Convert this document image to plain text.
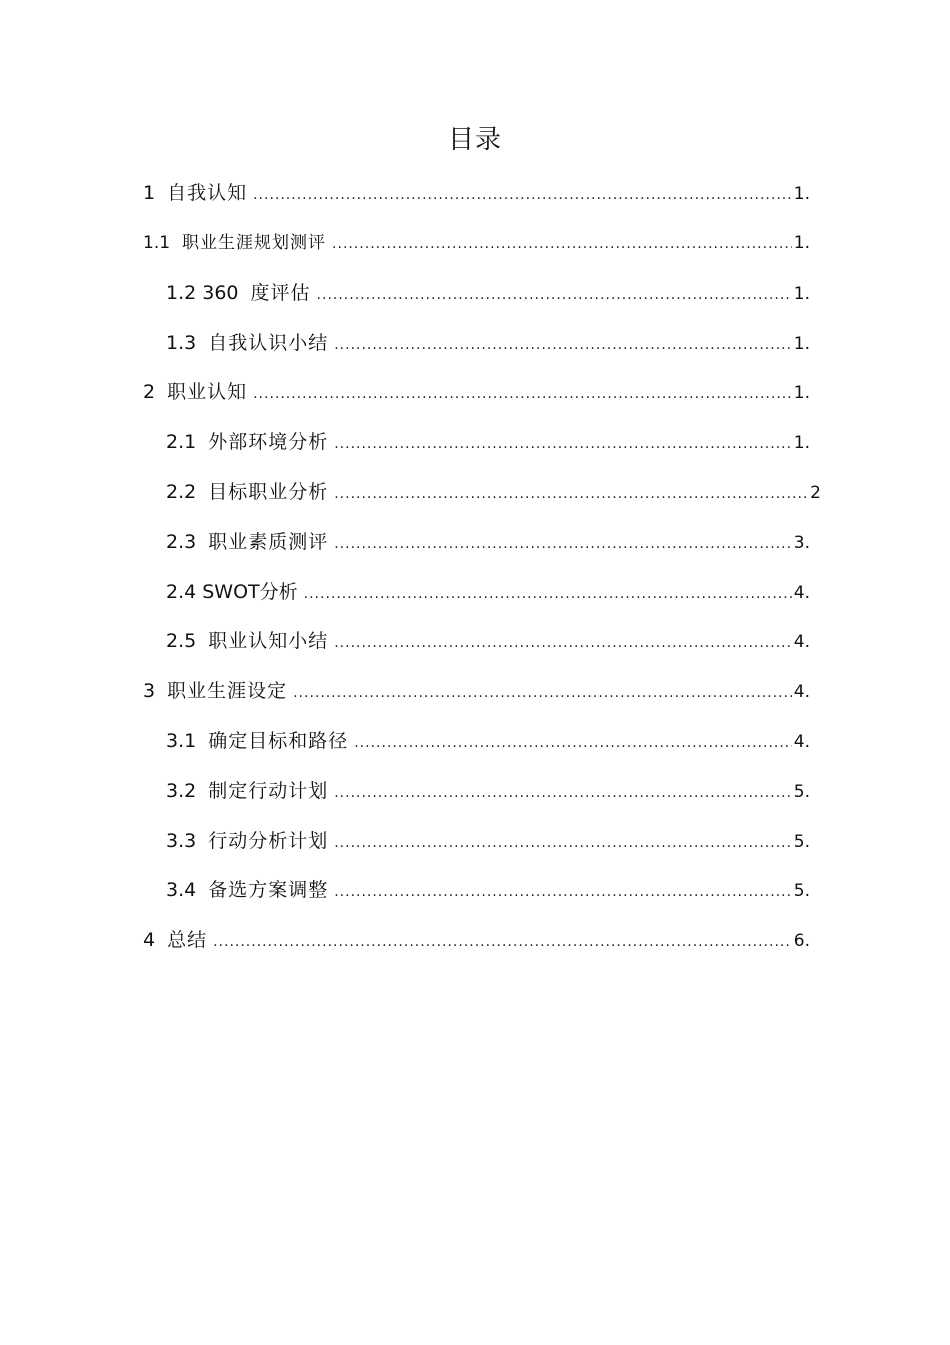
目录
1 自我认知 .....	1.
1.1 职业生涯规划测评 .....	1.
1.2 360 度评估 .....	1.
1.3 自我认识小结 .....	1.
2 职业认知 .....	1.
2.1 外部环境分析 .....	1.
2.2 目标职业分析 .....	2
2.3 职业素质测评 .....	3.
2.4 SWOT分析 .....	4.
2.5 职业认知小结 .....	4.
3 职业生涯设定 .....	4.
3.1 确定目标和路径 .....	4.
3.2 制定行动计划 .....	5.
3.3 行动分析计划 .....	5.
3.4 备选方案调整 .....	5.
4 总结 .....	6.
